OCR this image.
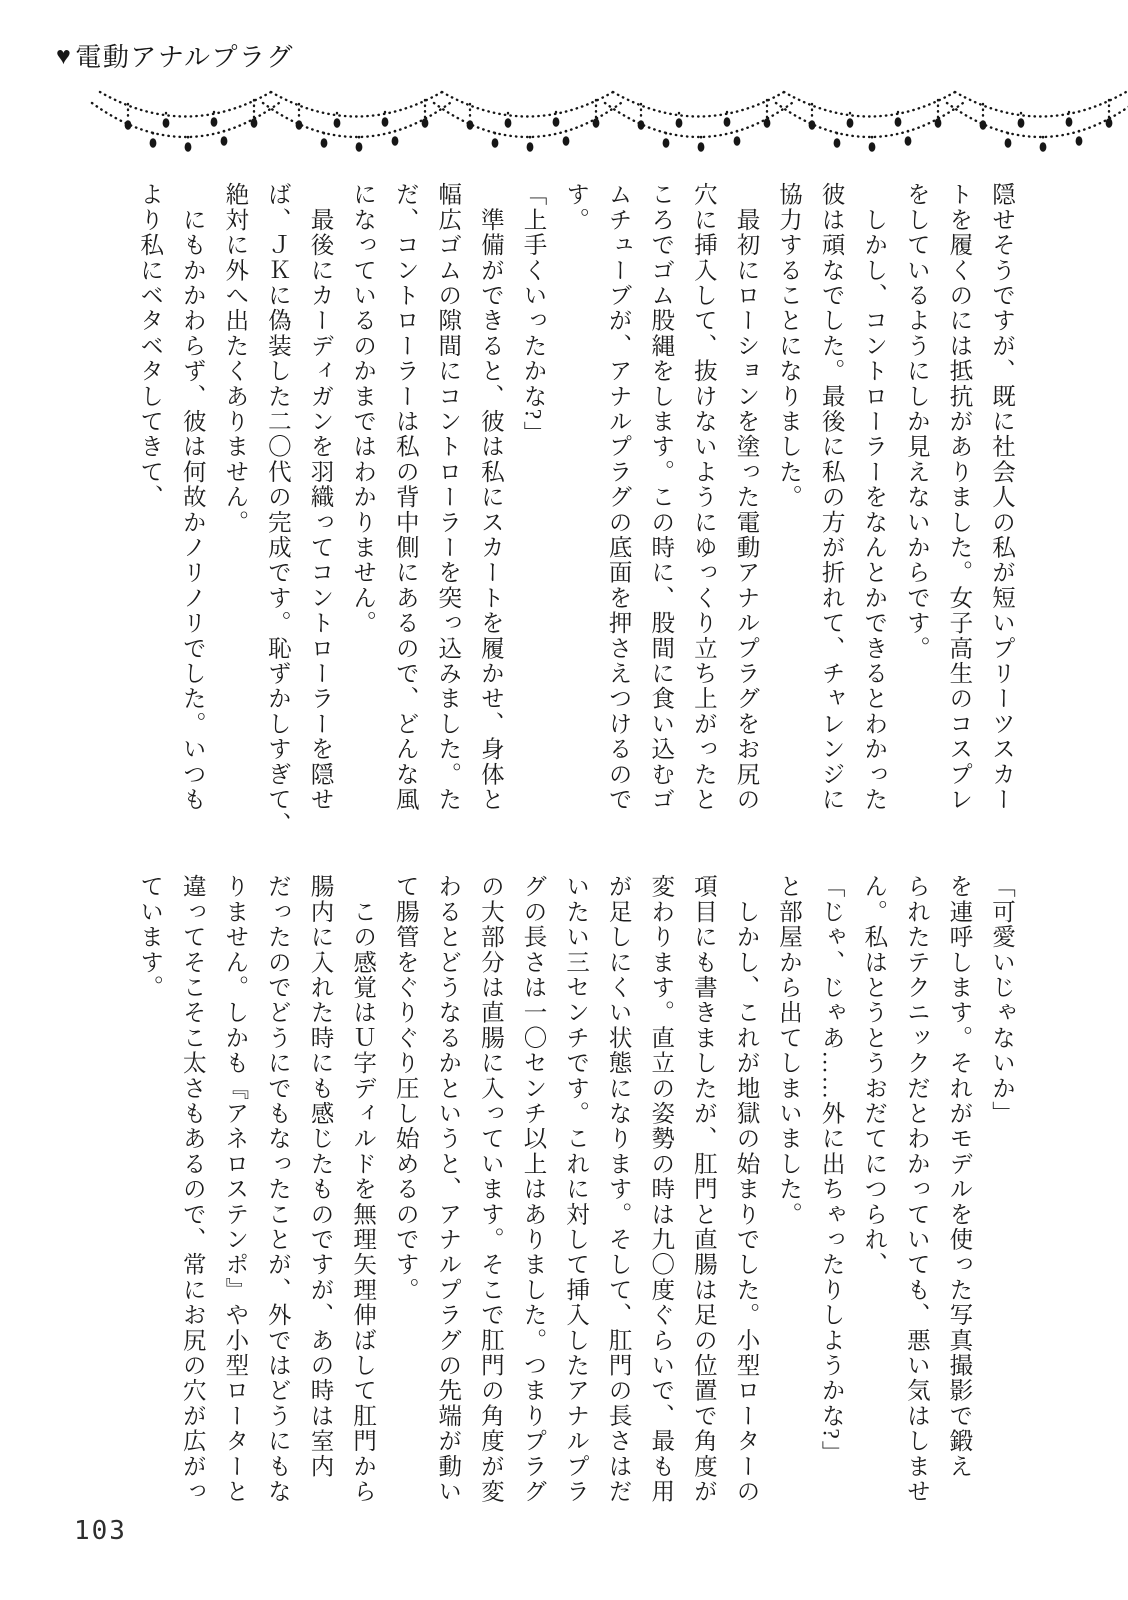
♥ 電動アナルプラグ
隠せそうですが、既に社会人の私が短いプリーツスカー
トを履くのには抵抗がありました。女子高生のコスプレ
をしているようにしか見えないからです。
　しかし、コントローラーをなんとかできるとわかった
彼は頑なでした。最後に私の方が折れて、チャレンジに
協力することになりました。
　最初にローションを塗った電動アナルプラグをお尻の
穴に挿入して、抜けないようにゆっくり立ち上がったと
ころでゴム股縄をします。この時に、股間に食い込むゴ
ムチューブが、アナルプラグの底面を押さえつけるので
す。
「上手くいったかな?」
　準備ができると、彼は私にスカートを履かせ、身体と
幅広ゴムの隙間にコントローラーを突っ込みました。た
だ、コントローラーは私の背中側にあるので、どんな風
になっているのかまではわかりません。
　最後にカーディガンを羽織ってコントローラーを隠せ
ば、ＪＫに偽装した二〇代の完成です。恥ずかしすぎて、
絶対に外へ出たくありません。
　にもかかわらず、彼は何故かノリノリでした。いつも
より私にベタベタしてきて、
「可愛いじゃないか」
を連呼します。それがモデルを使った写真撮影で鍛え
られたテクニックだとわかっていても、悪い気はしませ
ん。私はとうとうおだてにつられ、
「じゃ、じゃあ……外に出ちゃったりしようかな?」
と部屋から出てしまいました。
　しかし、これが地獄の始まりでした。小型ローターの
項目にも書きましたが、肛門と直腸は足の位置で角度が
変わります。直立の姿勢の時は九〇度ぐらいで、最も用
が足しにくい状態になります。そして、肛門の長さはだ
いたい三センチです。これに対して挿入したアナルプラ
グの長さは一〇センチ以上はありました。つまりプラグ
の大部分は直腸に入っています。そこで肛門の角度が変
わるとどうなるかというと、アナルプラグの先端が動い
て腸管をぐりぐり圧し始めるのです。
　この感覚はＵ字ディルドを無理矢理伸ばして肛門から
腸内に入れた時にも感じたものですが、あの時は室内
だったのでどうにでもなったことが、外ではどうにもな
りません。しかも『アネロステンポ』や小型ローターと
違ってそこそこ太さもあるので、常にお尻の穴が広がっ
ています。
103
